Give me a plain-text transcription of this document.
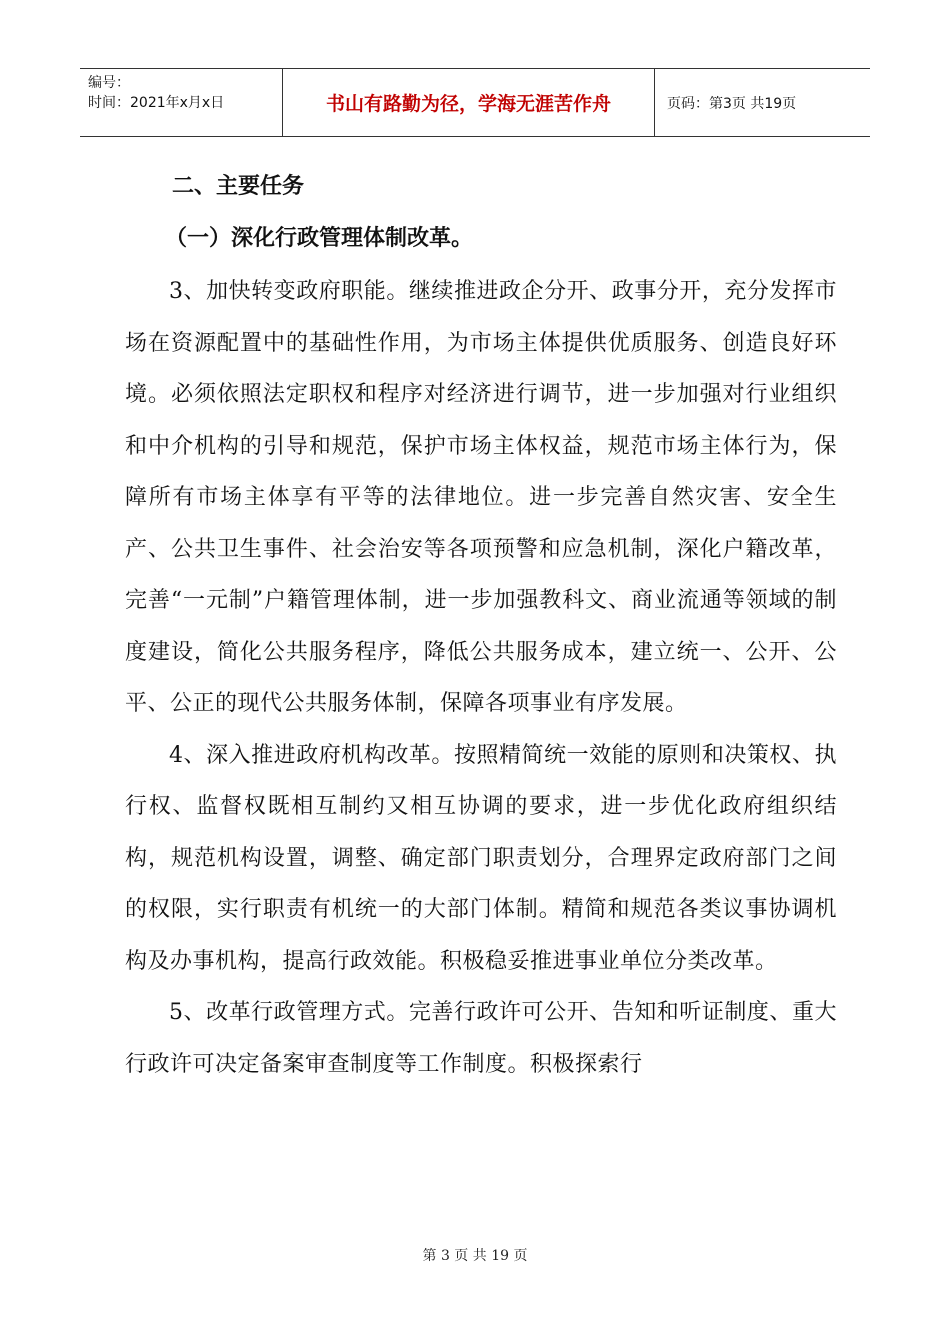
编号：
时间：2021年x月x日	书山有路勤为径，学海无涯苦作舟	页码：第3页 共19页
二、主要任务
（一）深化行政管理体制改革。

3、加快转变政府职能。继续推进政企分开、政事分开，充分发挥市场在资源配置中的基础性作用，为市场主体提供优质服务、创造良好环境。必须依照法定职权和程序对经济进行调节，进一步加强对行业组织和中介机构的引导和规范，保护市场主体权益，规范市场主体行为，保障所有市场主体享有平等的法律地位。进一步完善自然灾害、安全生产、公共卫生事件、社会治安等各项预警和应急机制，深化户籍改革，完善“一元制”户籍管理体制，进一步加强教科文、商业流通等领域的制度建设，简化公共服务程序，降低公共服务成本，建立统一、公开、公平、公正的现代公共服务体制，保障各项事业有序发展。

4、深入推进政府机构改革。按照精简统一效能的原则和决策权、执行权、监督权既相互制约又相互协调的要求，进一步优化政府组织结构，规范机构设置，调整、确定部门职责划分，合理界定政府部门之间的权限，实行职责有机统一的大部门体制。精简和规范各类议事协调机构及办事机构，提高行政效能。积极稳妥推进事业单位分类改革。

5、改革行政管理方式。完善行政许可公开、告知和听证制度、重大行政许可决定备案审查制度等工作制度。积极探索行

第 3 页 共 19 页
